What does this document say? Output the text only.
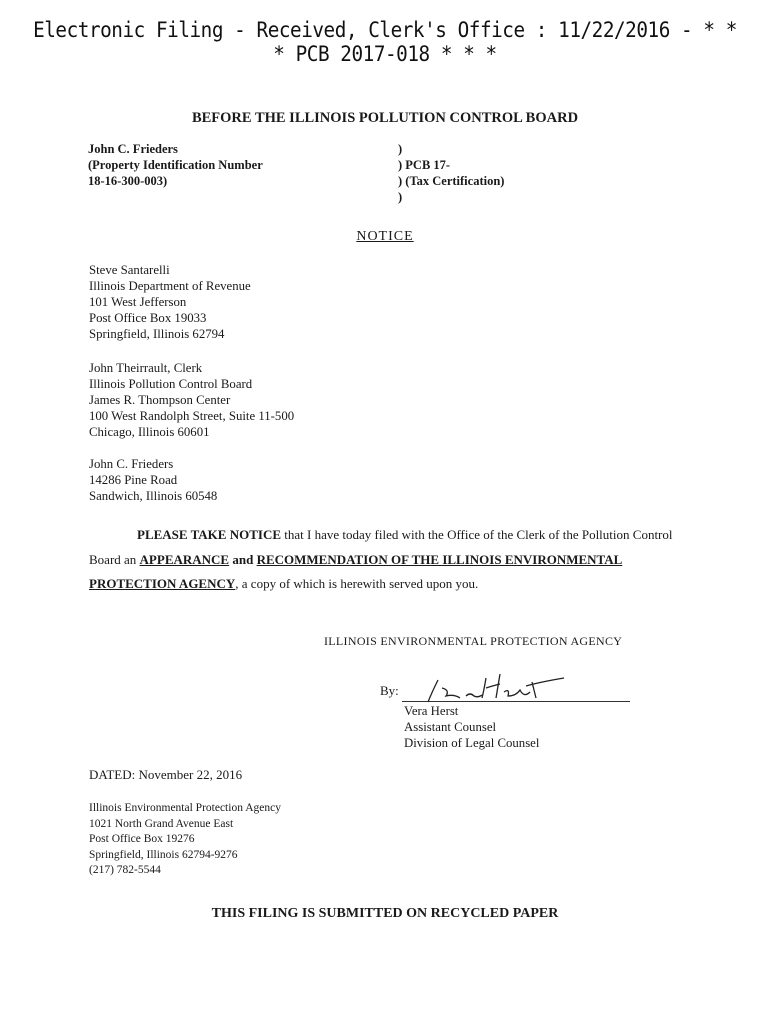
Electronic Filing - Received, Clerk's Office : 11/22/2016 - * * * PCB 2017-018 * * *
BEFORE THE ILLINOIS POLLUTION CONTROL BOARD
John C. Frieders
(Property Identification Number
18-16-300-003)
)
) PCB 17-
) (Tax Certification)
)
NOTICE
Steve Santarelli
Illinois Department of Revenue
101 West Jefferson
Post Office Box 19033
Springfield, Illinois 62794
John Theirrault, Clerk
Illinois Pollution Control Board
James R. Thompson Center
100 West Randolph Street, Suite 11-500
Chicago, Illinois 60601
John C. Frieders
14286 Pine Road
Sandwich, Illinois 60548
PLEASE TAKE NOTICE that I have today filed with the Office of the Clerk of the Pollution Control Board an APPEARANCE and RECOMMENDATION OF THE ILLINOIS ENVIRONMENTAL PROTECTION AGENCY, a copy of which is herewith served upon you.
ILLINOIS ENVIRONMENTAL PROTECTION AGENCY
By:
Vera Herst
Assistant Counsel
Division of Legal Counsel
DATED: November 22, 2016
Illinois Environmental Protection Agency
1021 North Grand Avenue East
Post Office Box 19276
Springfield, Illinois 62794-9276
(217) 782-5544
THIS FILING IS SUBMITTED ON RECYCLED PAPER
